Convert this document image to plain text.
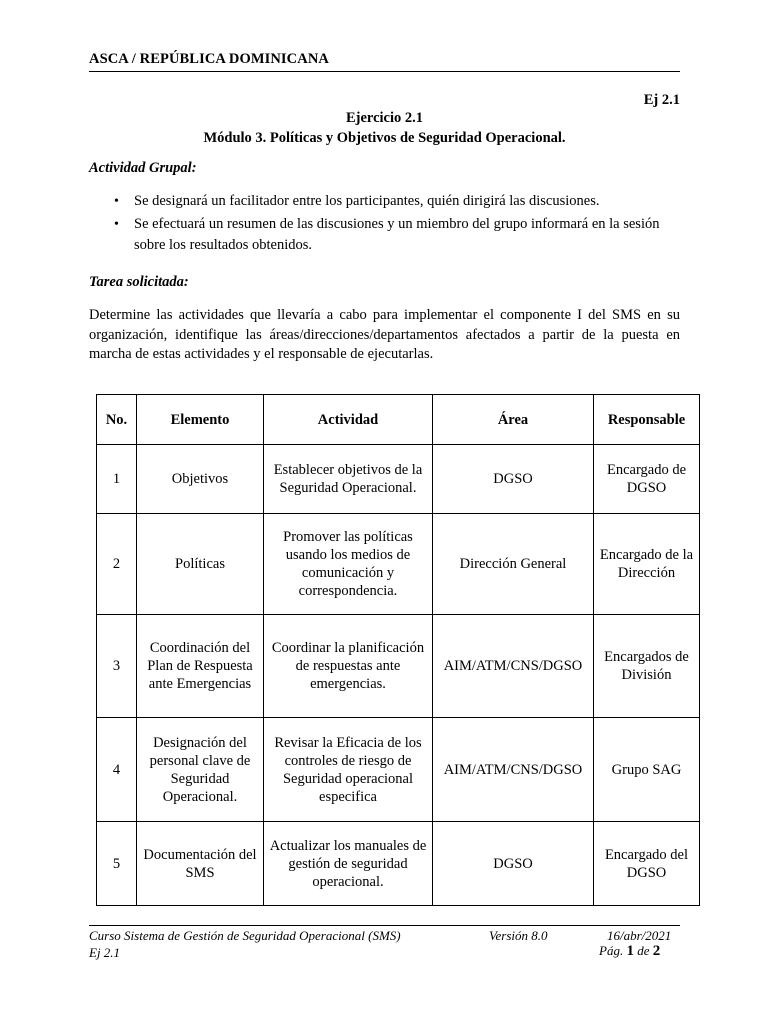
ASCA / REPÚBLICA DOMINICANA
Ej 2.1
Ejercicio 2.1
Módulo 3. Políticas y Objetivos de Seguridad Operacional.
Actividad Grupal:
• Se designará un facilitador entre los participantes, quién dirigirá las discusiones.
• Se efectuará un resumen de las discusiones y un miembro del grupo informará en la sesión sobre los resultados obtenidos.
Tarea solicitada:
Determine las actividades que llevaría a cabo para implementar el componente I del SMS en su organización, identifique las áreas/direcciones/departamentos afectados a partir de la puesta en marcha de estas actividades y el responsable de ejecutarlas.
No.	Elemento	Actividad	Área	Responsable
1	Objetivos	Establecer objetivos de la Seguridad Operacional.	DGSO	Encargado de DGSO
2	Políticas	Promover las políticas usando los medios de comunicación y correspondencia.	Dirección General	Encargado de la Dirección
3	Coordinación del Plan de Respuesta ante Emergencias	Coordinar la planificación de respuestas ante emergencias.	AIM/ATM/CNS/DGSO	Encargados de División
4	Designación del personal clave de Seguridad Operacional.	Revisar la Eficacia de los controles de riesgo de Seguridad operacional especifica	AIM/ATM/CNS/DGSO	Grupo SAG
5	Documentación del SMS	Actualizar los manuales de gestión de seguridad operacional.	DGSO	Encargado del DGSO
Curso Sistema de Gestión de Seguridad Operacional (SMS)
Ej 2.1
Versión 8.0	16/abr/2021
Pág. 1 de 2
